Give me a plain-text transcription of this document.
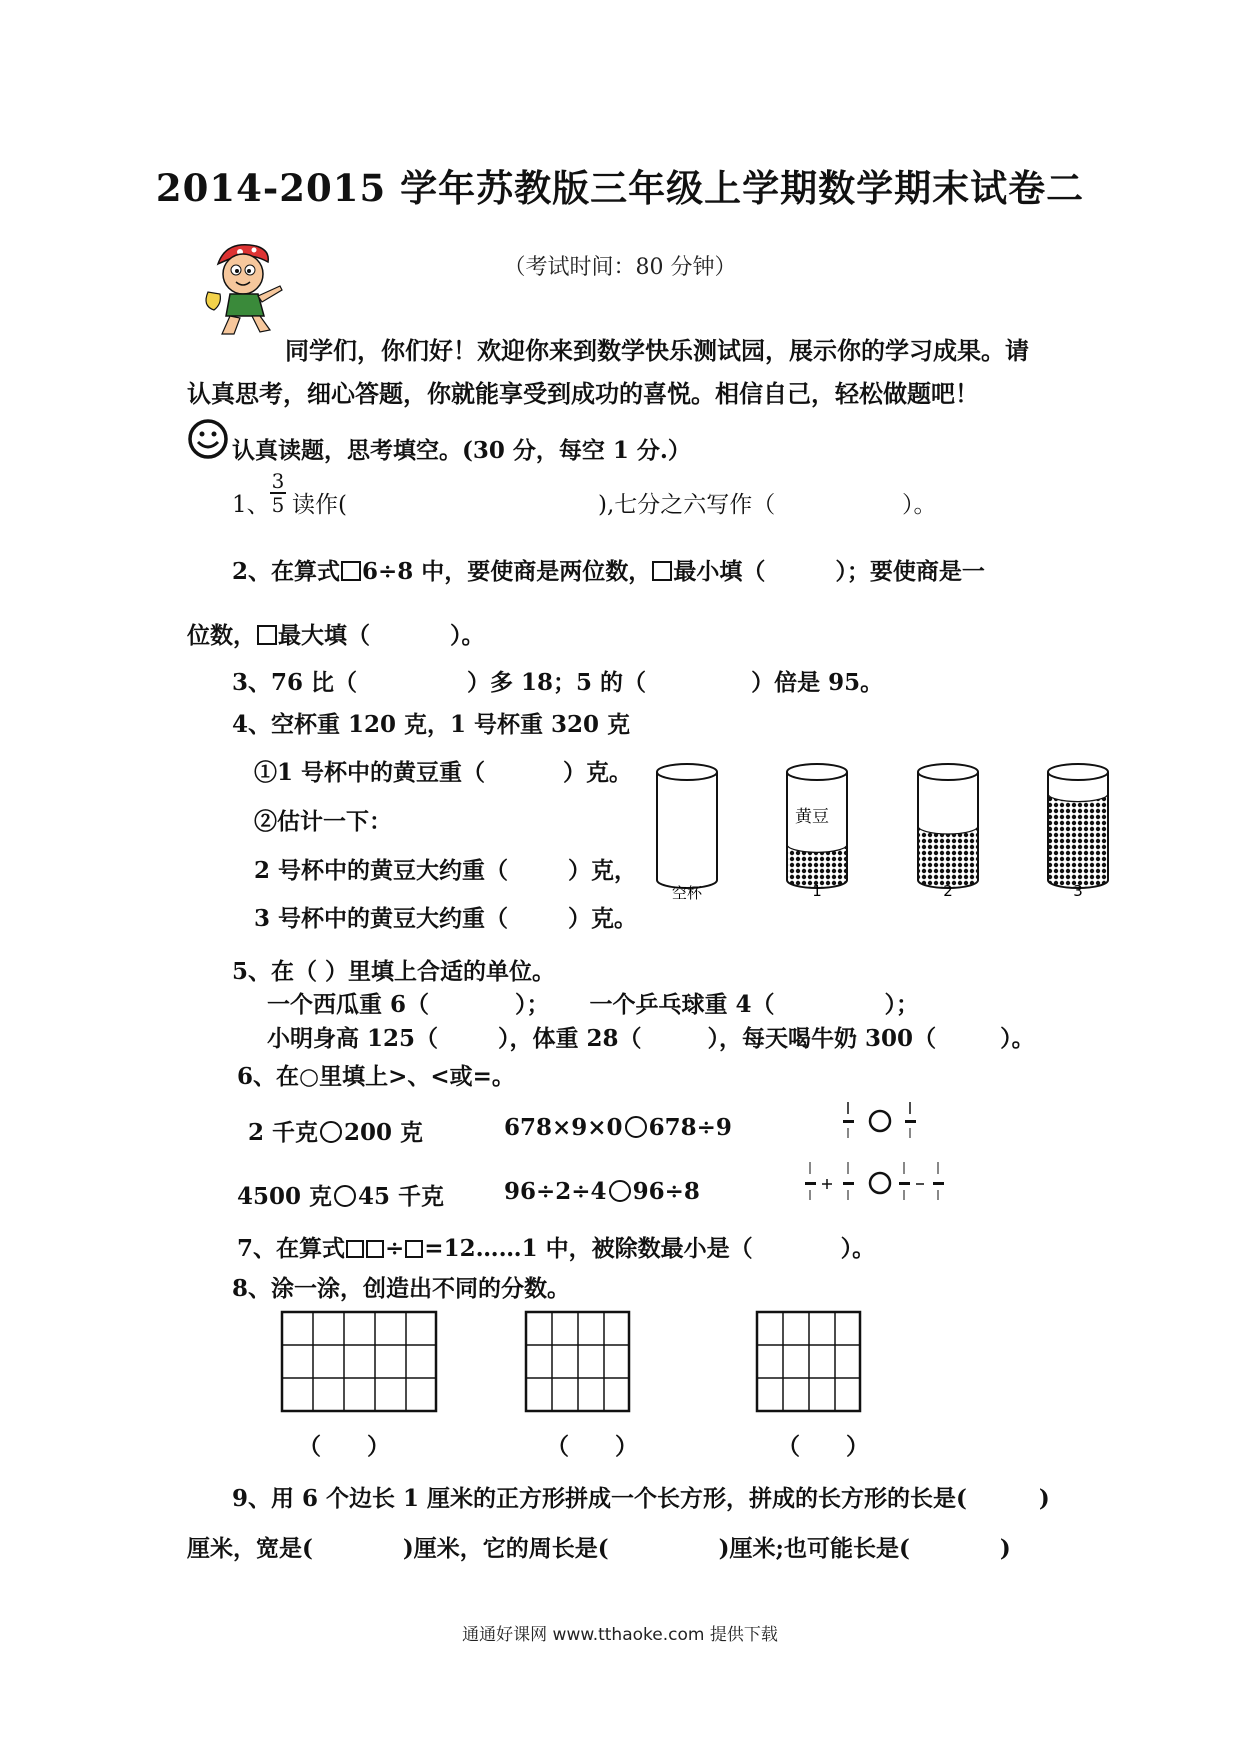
2014-2015 学年苏教版三年级上学期数学期末试卷二
（考试时间：80 分钟）
同学们，你们好！欢迎你来到数学快乐测试园，展示你的学习成果。请
认真思考，细心答题，你就能享受到成功的喜悦。相信自己，轻松做题吧！
认真读题，思考填空。(30 分，每空 1 分.）
1、
3
5 读作(	),七分之六写作（	）。
2、在算式 6÷8 中，要使商是两位数， 最小填（	）；要使商是一
位数， 最大填（	）。
3、76 比（	）多 18；5 的（	）倍是 95。
4、空杯重 120 克，1 号杯重 320 克
①1 号杯中的黄豆重（	）克。
②估计一下：
2 号杯中的黄豆大约重（	）克，
3 号杯中的黄豆大约重（	）克。
黄豆
空杯	1	2	3
5、在（ ）里填上合适的单位。
一个西瓜重 6（	）； 一个乒乓球重 4（	）；
小明身高 125（	），体重 28（	），每天喝牛奶 300（	）。
6、在○里填上>、<或=。
2 千克 200 克	678×9×0 678÷9
4500 克 45 千克	96÷2÷4 96÷8
7、在算式 ÷ =12……1 中，被除数最小是（	）。
8、涂一涂，创造出不同的分数。
（　　）	（　　）	（　　）
9、用 6 个边长 1 厘米的正方形拼成一个长方形，拼成的长方形的长是(	)
厘米，宽是(	)厘米，它的周长是(	)厘米;也可能长是(	)
通通好课网 www.tthaoke.com 提供下载
